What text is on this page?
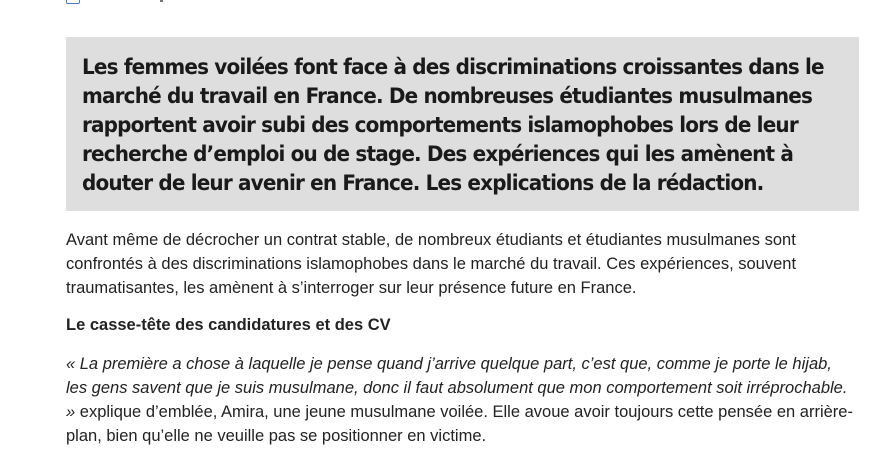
Les femmes voilées font face à des discriminations croissantes dans le marché du travail en France. De nombreuses étudiantes musulmanes rapportent avoir subi des comportements islamophobes lors de leur recherche d’emploi ou de stage. Des expériences qui les amènent à douter de leur avenir en France. Les explications de la rédaction.

Avant même de décrocher un contrat stable, de nombreux étudiants et étudiantes musulmanes sont confrontés à des discriminations islamophobes dans le marché du travail. Ces expériences, souvent traumatisantes, les amènent à s’interroger sur leur présence future en France.

Le casse-tête des candidatures et des CV

« La première a chose à laquelle je pense quand j’arrive quelque part, c’est que, comme je porte le hijab, les gens savent que je suis musulmane, donc il faut absolument que mon comportement soit irréprochable. » explique d’emblée, Amira, une jeune musulmane voilée. Elle avoue avoir toujours cette pensée en arrière-plan, bien qu’elle ne veuille pas se positionner en victime.
